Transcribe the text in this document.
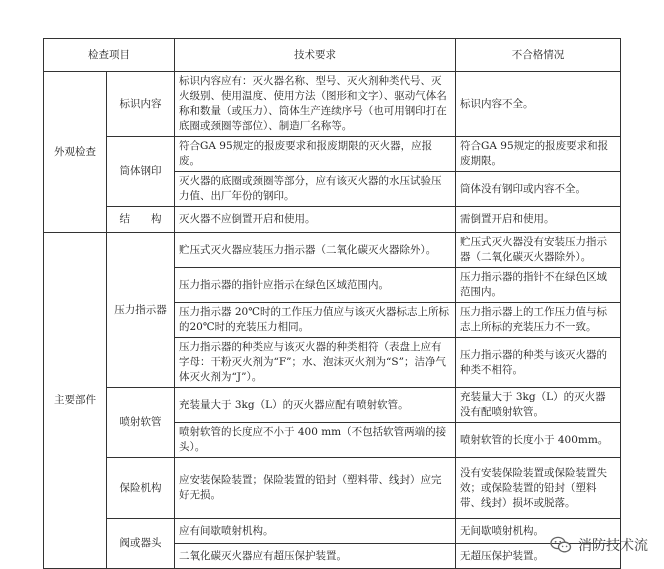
检查项目		技术要求	不合格情况
外观检查	标识内容	标识内容应有：灭火器名称、型号、灭火剂种类代号、灭火级别、使用温度、使用方法（图形和文字）、驱动气体名称和数量（或压力）、筒体生产连续序号（也可用钢印打在底圈或颈圈等部位）、制造厂名称等。	标识内容不全。
	筒体钢印	符合GA 95规定的报废要求和报废期限的灭火器，应报废。	符合GA 95规定的报废要求和报废期限。
		灭火器的底圈或颈圈等部分，应有该灭火器的水压试验压力值、出厂年份的钢印。	筒体没有钢印或内容不全。
	结　　构	灭火器不应倒置开启和使用。	需倒置开启和使用。
主要部件	压力指示器	贮压式灭火器应装压力指示器（二氧化碳灭火器除外）。	贮压式灭火器没有安装压力指示器（二氧化碳灭火器除外）。
		压力指示器的指针应指示在绿色区域范围内。	压力指示器的指针不在绿色区域范围内。
		压力指示器 20℃时的工作压力值应与该灭火器标志上所标的20℃时的充装压力相同。	压力指示器上的工作压力值与标志上所标的充装压力不一致。
		压力指示器的种类应与该灭火器的种类相符（表盘上应有字母：干粉灭火剂为“F”；水、泡沫灭火剂为“S”；洁净气体灭火剂为“J”）。	压力指示器的种类与该灭火器的种类不相符。
	喷射软管	充装量大于 3kg（L）的灭火器应配有喷射软管。	充装量大于 3kg（L）的灭火器没有配喷射软管。
		喷射软管的长度应不小于 400 mm（不包括软管两端的接头）。	喷射软管的长度小于 400mm。
	保险机构	应安装保险装置；保险装置的铅封（塑料带、线封）应完好无损。	没有安装保险装置或保险装置失效；或保险装置的铅封（塑料带、线封）损坏或脱落。
	阀或器头	应有间歇喷射机构。	无间歇喷射机构。
		二氧化碳灭火器应有超压保护装置。	无超压保护装置。
消防技术流
